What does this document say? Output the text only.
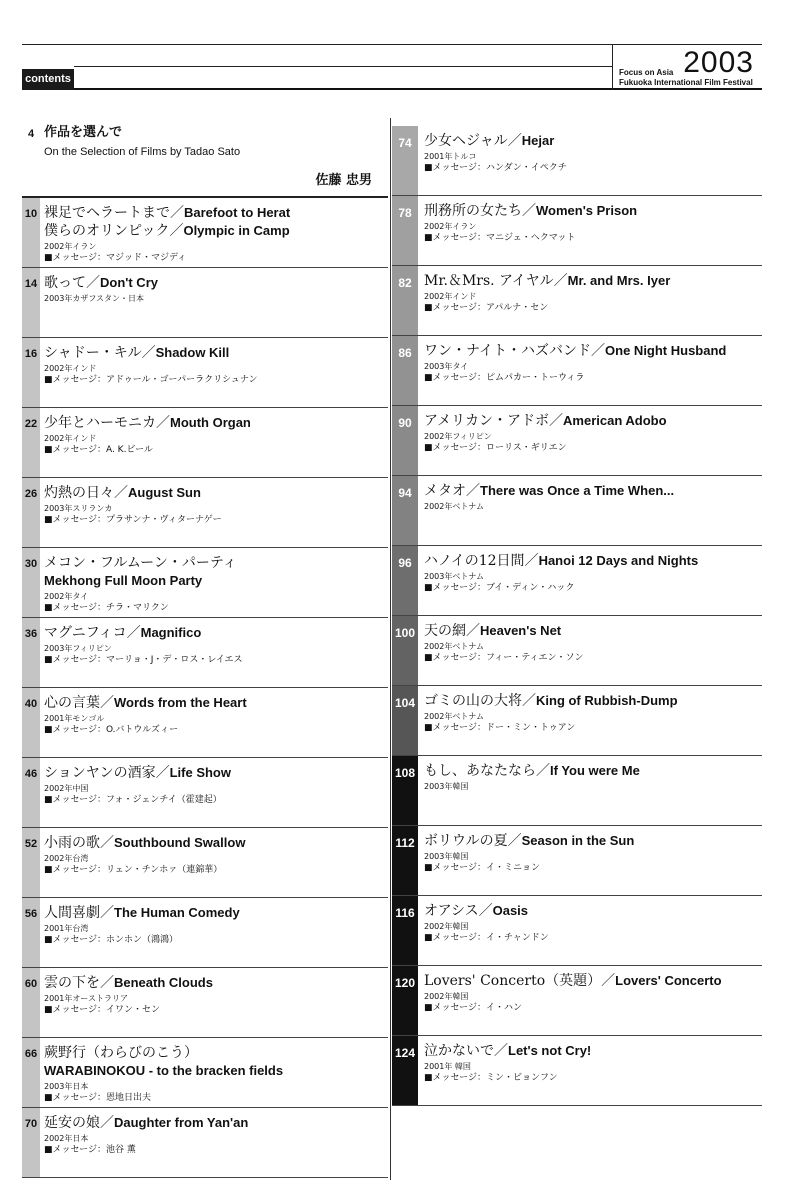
contents	2003
Focus on Asia
Fukuoka International Film Festival
4 作品を選んで
On the Selection of Films by Tadao Sato
佐藤 忠男
10 裸足でヘラートまで／Barefoot to Herat
僕らのオリンピック／Olympic in Camp
2002年イラン
■メッセージ：マジッド・マジディ
14 歌って／Don't Cry
2003年カザフスタン・日本
16 シャドー・キル／Shadow Kill
2002年インド
■メッセージ：アドゥール・ゴーパーラクリシュナン
22 少年とハーモニカ／Mouth Organ
2002年インド
■メッセージ：A. K.ビール
26 灼熱の日々／August Sun
2003年スリランカ
■メッセージ：プラサンナ・ヴィターナゲー
30 メコン・フルムーン・パーティ
Mekhong Full Moon Party
2002年タイ
■メッセージ：チラ・マリクン
36 マグニフィコ／Magnifico
2003年フィリピン
■メッセージ：マーリョ・J・デ・ロス・レイエス
40 心の言葉／Words from the Heart
2001年モンゴル
■メッセージ：O.バトウルズィー
46 ションヤンの酒家／Life Show
2002年中国
■メッセージ：フォ・ジェンチイ（霍建起）
52 小雨の歌／Southbound Swallow
2002年台湾
■メッセージ：リェン・チンホァ（連錦華）
56 人間喜劇／The Human Comedy
2001年台湾
■メッセージ：ホンホン（鴻鴻）
60 雲の下を／Beneath Clouds
2001年オーストラリア
■メッセージ：イワン・セン
66 蕨野行（わらびのこう）
WARABINOKOU - to the bracken fields
2003年日本
■メッセージ：恩地日出夫
70 延安の娘／Daughter from Yan'an
2002年日本
■メッセージ：池谷 薫
74 少女ヘジャル／Hejar
2001年トルコ
■メッセージ：ハンダン・イペクチ
78 刑務所の女たち／Women's Prison
2002年イラン
■メッセージ：マニジェ・ヘクマット
82 Mr.＆Mrs. アイヤル／Mr. and Mrs. Iyer
2002年インド
■メッセージ：アパルナ・セン
86 ワン・ナイト・ハズバンド／One Night Husband
2003年タイ
■メッセージ：ピムパカー・トーウィラ
90 アメリカン・アドボ／American Adobo
2002年フィリピン
■メッセージ：ローリス・ギリエン
94 メタオ／There was Once a Time When...
2002年ベトナム
96 ハノイの12日間／Hanoi 12 Days and Nights
2003年ベトナム
■メッセージ：ブイ・ディン・ハック
100 天の網／Heaven's Net
2002年ベトナム
■メッセージ：フィー・ティエン・ソン
104 ゴミの山の大将／King of Rubbish-Dump
2002年ベトナム
■メッセージ：ドー・ミン・トゥアン
108 もし、あなたなら／If You were Me
2003年韓国
112 ボリウルの夏／Season in the Sun
2003年韓国
■メッセージ：イ・ミニョン
116 オアシス／Oasis
2002年韓国
■メッセージ：イ・チャンドン
120 Lovers' Concerto（英題）／Lovers' Concerto
2002年韓国
■メッセージ：イ・ハン
124 泣かないで／Let's not Cry!
2001年 韓国
■メッセージ：ミン・ビョンフン
